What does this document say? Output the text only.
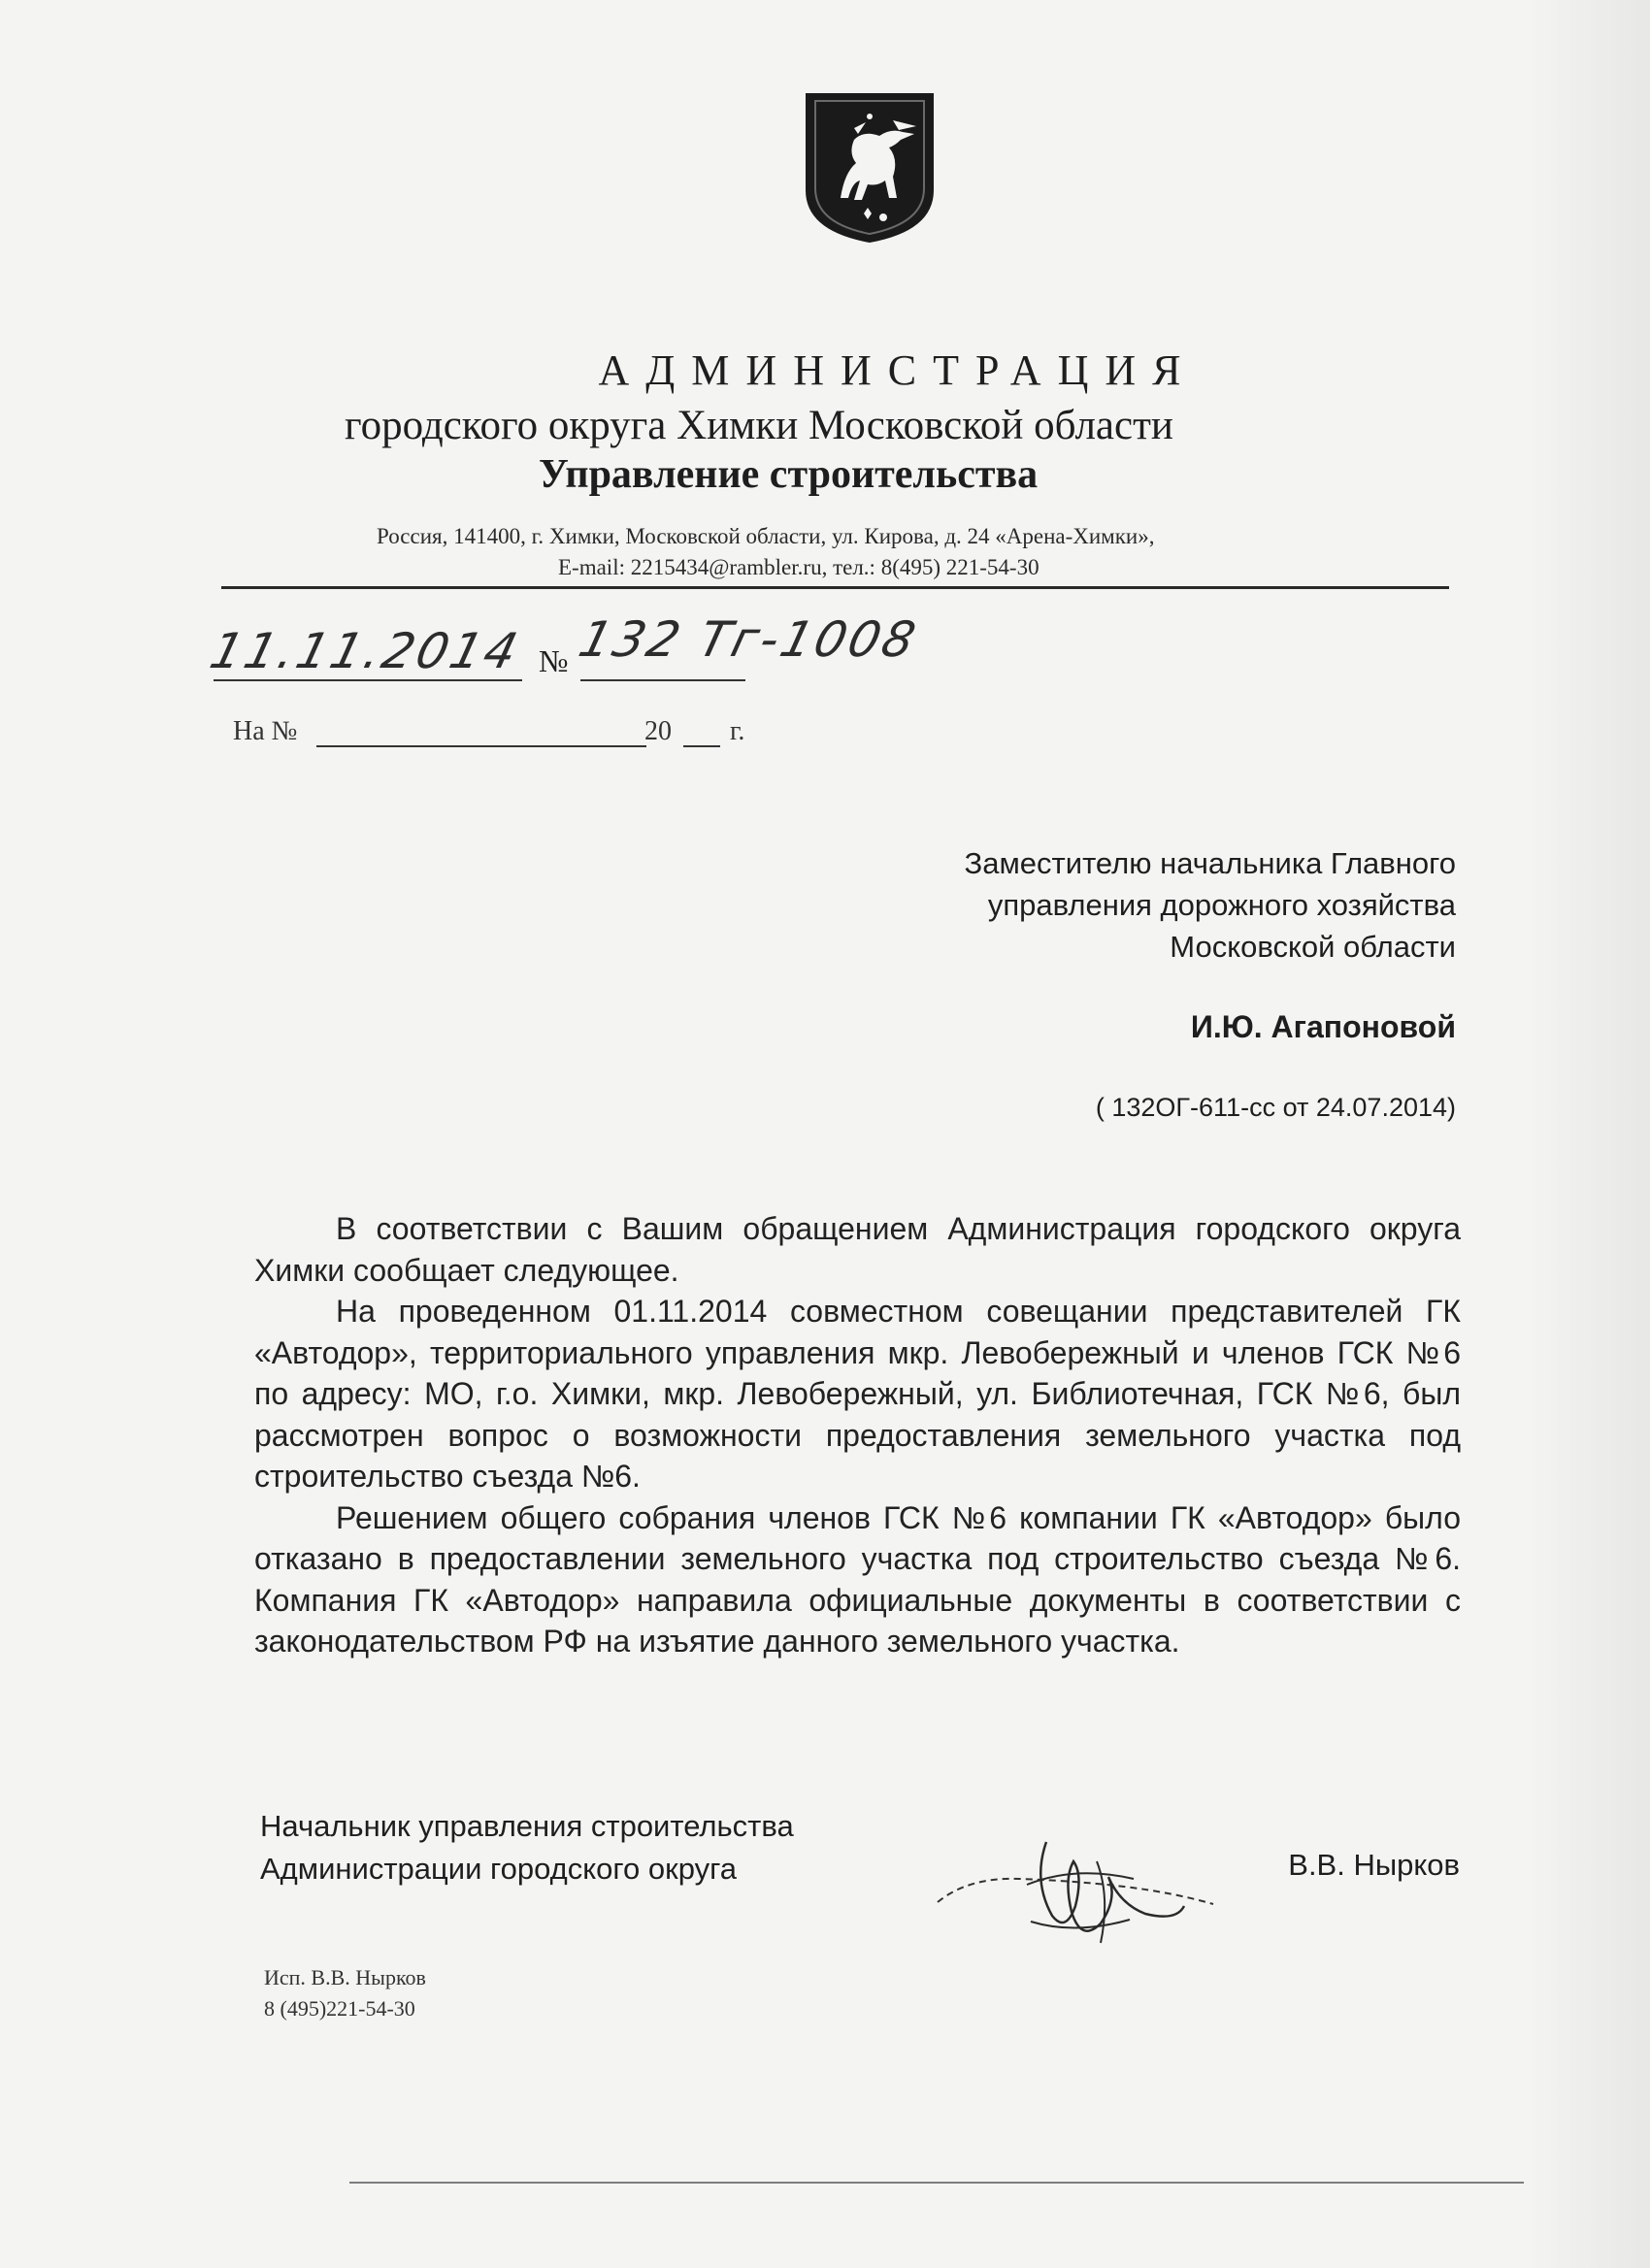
АДМИНИСТРАЦИЯ
городского округа Химки Московской области
Управление строительства
Россия, 141400, г. Химки, Московской области, ул. Кирова, д. 24 «Арена-Химки»,
E-mail: 2215434@rambler.ru, тел.: 8(495) 221-54-30
11.11.2014 № 132 Тг-1008
На №	20 г.
Заместителю начальника Главного
управления дорожного хозяйства
Московской области
И.Ю. Агапоновой
( 132ОГ-611-сс от 24.07.2014)

В соответствии с Вашим обращением Администрация городского округа Химки сообщает следующее.

На проведенном 01.11.2014 совместном совещании представителей ГК «Автодор», территориального управления мкр. Левобережный и членов ГСК №6 по адресу: МО, г.о. Химки, мкр. Левобережный, ул. Библиотечная, ГСК №6, был рассмотрен вопрос о возможности предоставления земельного участка под строительство съезда №6.

Решением общего собрания членов ГСК №6 компании ГК «Автодор» было отказано в предоставлении земельного участка под строительство съезда №6. Компания ГК «Автодор» направила официальные документы в соответствии с законодательством РФ на изъятие данного земельного участка.

Начальник управления строительства
Администрации городского округа	В.В. Нырков
Исп. В.В. Нырков
8 (495)221-54-30
